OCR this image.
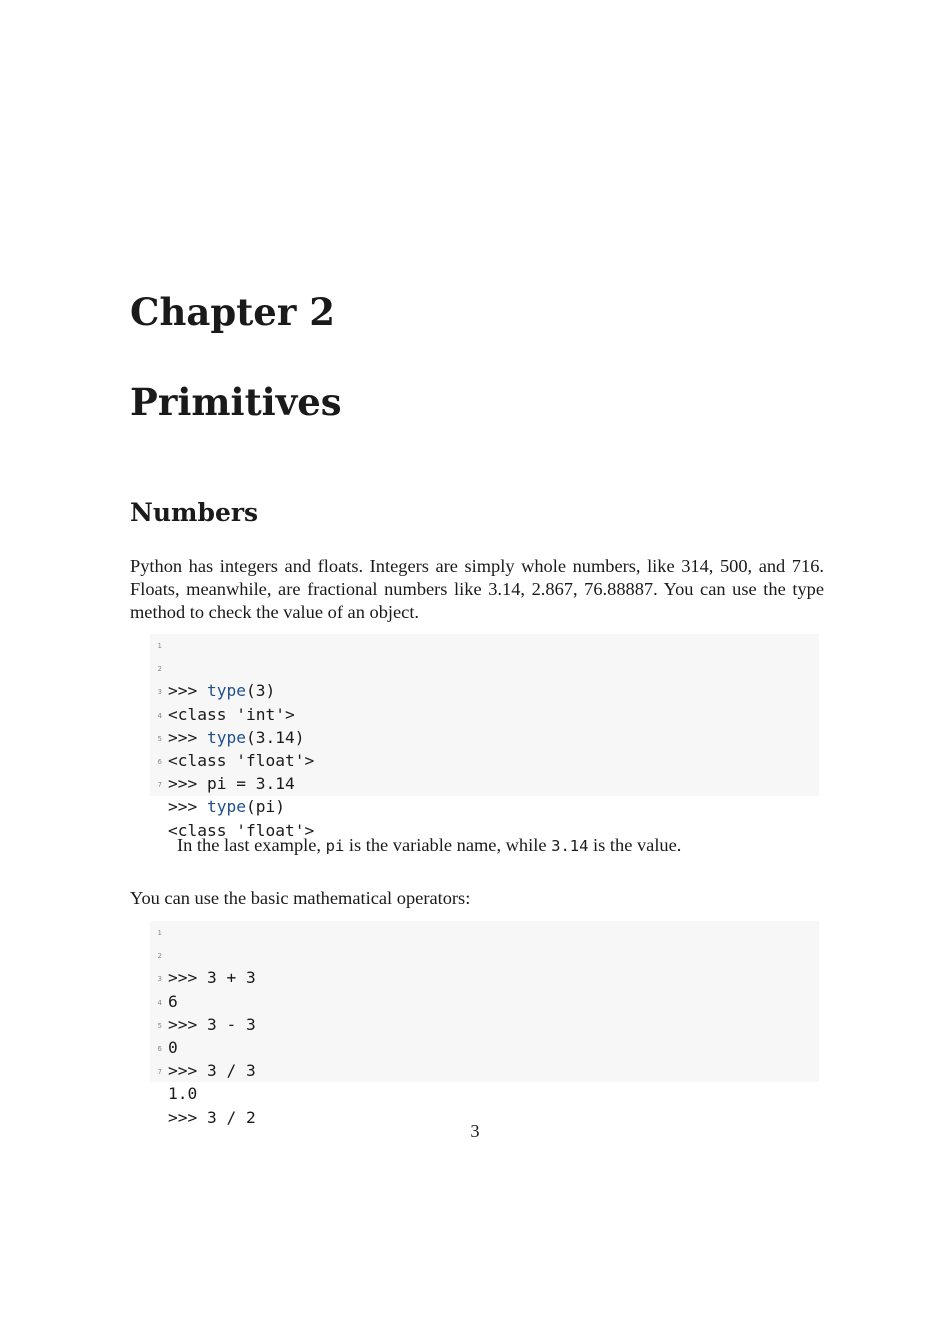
Chapter 2
Primitives
Numbers

Python has integers and floats. Integers are simply whole numbers, like 314, 500, and 716.
Floats, meanwhile, are fractional numbers like 3.14, 2.867, 76.88887. You can use the type
method to check the value of an object.

1

>>> type(3)

2

<class 'int'>

3

>>> type(3.14)

4

<class 'float'>

5

>>> pi = 3.14

6

>>> type(pi)

7

<class 'float'>

In the last example, pi is the variable name, while 3.14 is the value.

You can use the basic mathematical operators:

1

>>> 3 + 3

2

6

3

>>> 3 - 3

4

0

5

>>> 3 / 3

6

1.0

7

>>> 3 / 2

3
